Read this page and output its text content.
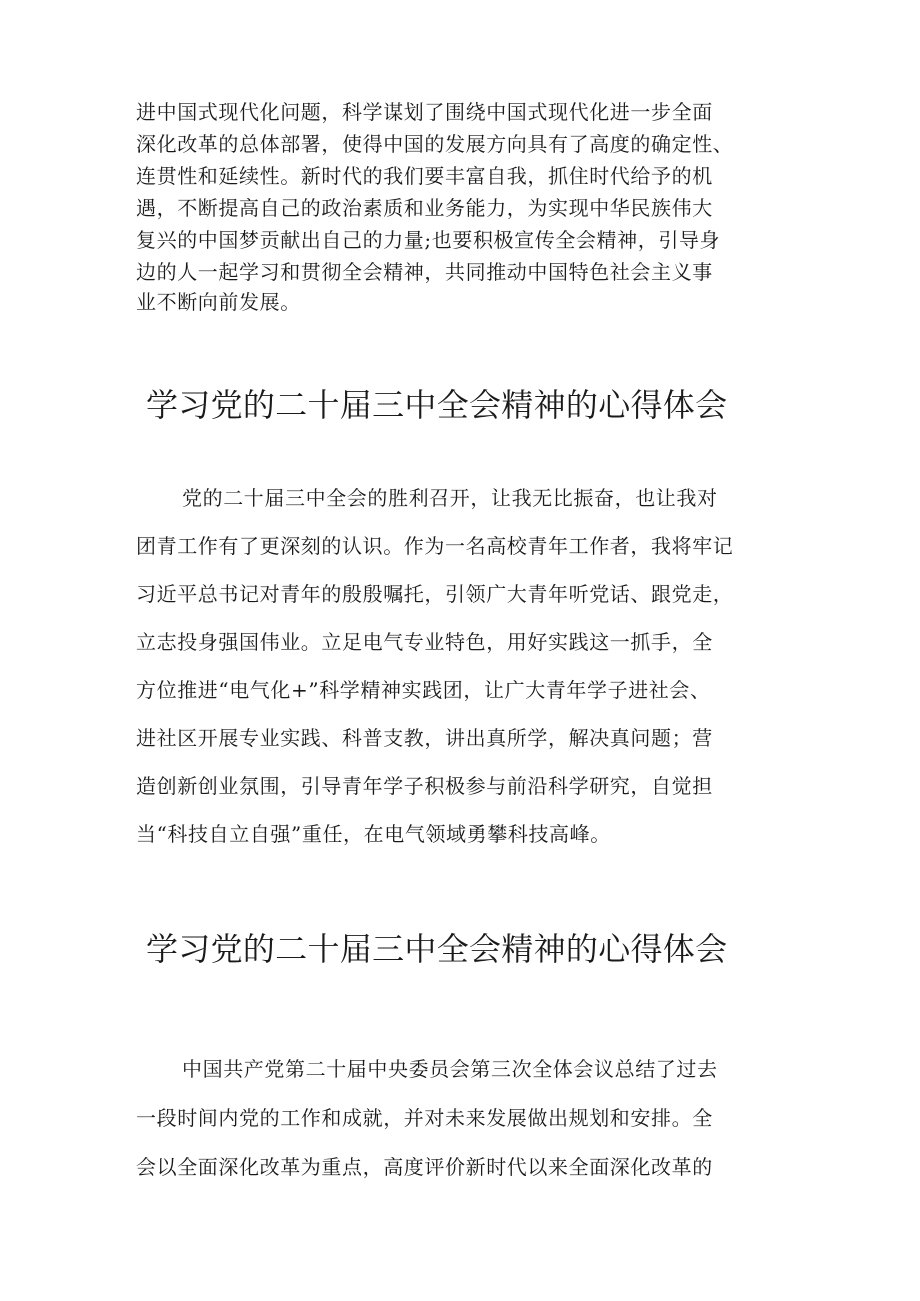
进中国式现代化问题，科学谋划了围绕中国式现代化进一步全面
深化改革的总体部署，使得中国的发展方向具有了高度的确定性、
连贯性和延续性。新时代的我们要丰富自我，抓住时代给予的机
遇，不断提高自己的政治素质和业务能力，为实现中华民族伟大
复兴的中国梦贡献出自己的力量;也要积极宣传全会精神，引导身
边的人一起学习和贯彻全会精神，共同推动中国特色社会主义事
业不断向前发展。
学习党的二十届三中全会精神的心得体会
党的二十届三中全会的胜利召开，让我无比振奋，也让我对
团青工作有了更深刻的认识。作为一名高校青年工作者，我将牢记
习近平总书记对青年的殷殷嘱托，引领广大青年听党话、跟党走，
立志投身强国伟业。立足电气专业特色，用好实践这一抓手，全
方位推进“电气化+”科学精神实践团，让广大青年学子进社会、
进社区开展专业实践、科普支教，讲出真所学，解决真问题；营
造创新创业氛围，引导青年学子积极参与前沿科学研究，自觉担
当“科技自立自强”重任，在电气领域勇攀科技高峰。
学习党的二十届三中全会精神的心得体会
中国共产党第二十届中央委员会第三次全体会议总结了过去
一段时间内党的工作和成就，并对未来发展做出规划和安排。全
会以全面深化改革为重点，高度评价新时代以来全面深化改革的
